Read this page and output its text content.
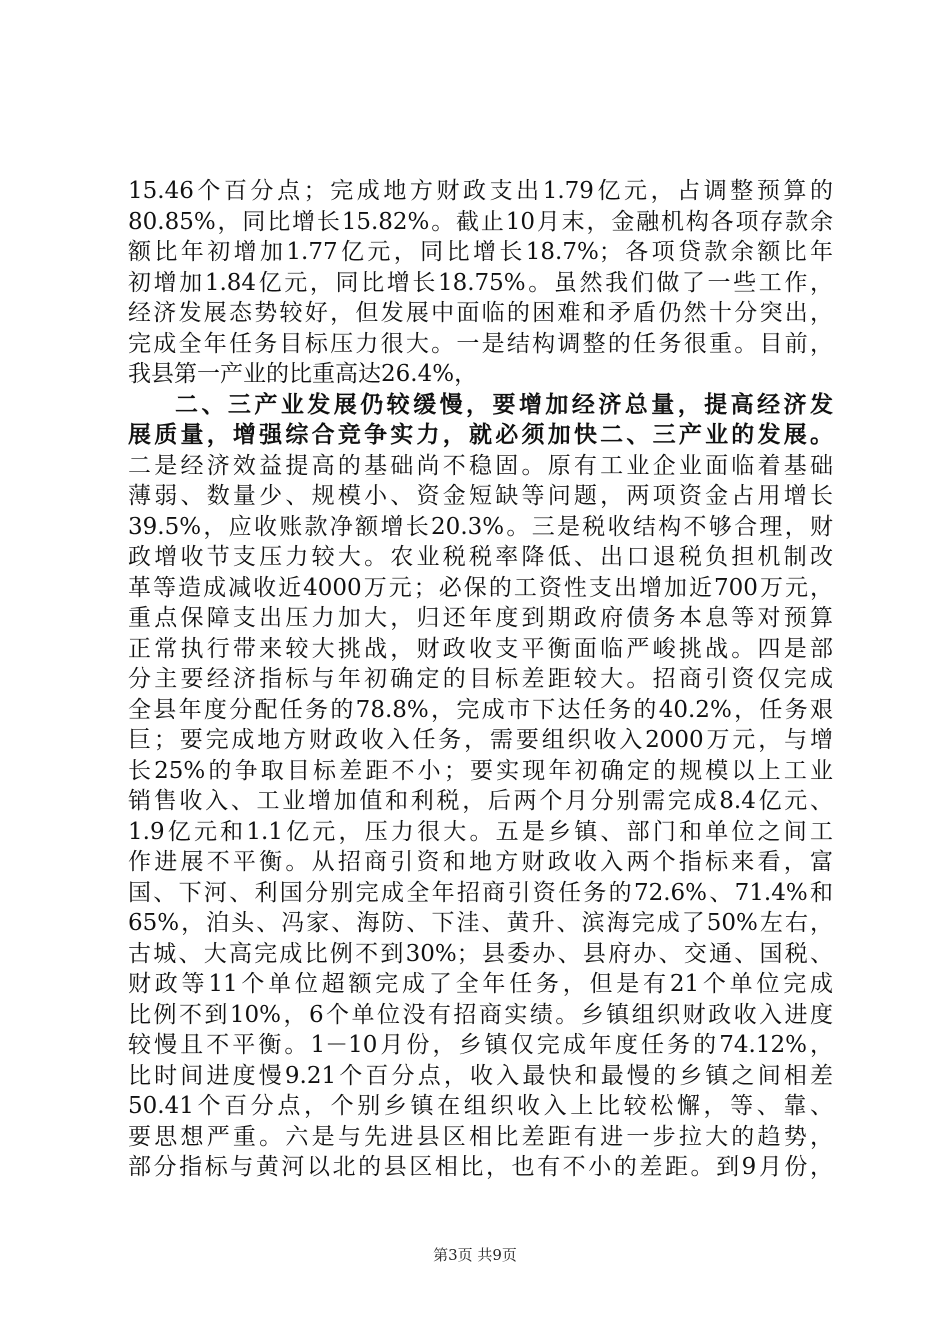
15.46个百分点；完成地方财政支出1.79亿元，占调整预算的
80.85%，同比增长15.82%。截止10月末，金融机构各项存款余
额比年初增加1.77亿元，同比增长18.7%；各项贷款余额比年
初增加1.84亿元，同比增长18.75%。虽然我们做了一些工作，
经济发展态势较好，但发展中面临的困难和矛盾仍然十分突出，
完成全年任务目标压力很大。一是结构调整的任务很重。目前，
我县第一产业的比重高达26.4%，
二、三产业发展仍较缓慢，要增加经济总量，提高经济发
展质量，增强综合竞争实力，就必须加快二、三产业的发展。
二是经济效益提高的基础尚不稳固。原有工业企业面临着基础
薄弱、数量少、规模小、资金短缺等问题，两项资金占用增长
39.5%，应收账款净额增长20.3%。三是税收结构不够合理，财
政增收节支压力较大。农业税税率降低、出口退税负担机制改
革等造成减收近4000万元；必保的工资性支出增加近700万元，
重点保障支出压力加大，归还年度到期政府债务本息等对预算
正常执行带来较大挑战，财政收支平衡面临严峻挑战。四是部
分主要经济指标与年初确定的目标差距较大。招商引资仅完成
全县年度分配任务的78.8%，完成市下达任务的40.2%，任务艰
巨；要完成地方财政收入任务，需要组织收入2000万元，与增
长25%的争取目标差距不小；要实现年初确定的规模以上工业
销售收入、工业增加值和利税，后两个月分别需完成8.4亿元、
1.9亿元和1.1亿元，压力很大。五是乡镇、部门和单位之间工
作进展不平衡。从招商引资和地方财政收入两个指标来看，富
国、下河、利国分别完成全年招商引资任务的72.6%、71.4%和
65%，泊头、冯家、海防、下洼、黄升、滨海完成了50%左右，
古城、大高完成比例不到30%；县委办、县府办、交通、国税、
财政等11个单位超额完成了全年任务，但是有21个单位完成
比例不到10%，6个单位没有招商实绩。乡镇组织财政收入进度
较慢且不平衡。1－10月份，乡镇仅完成年度任务的74.12%，
比时间进度慢9.21个百分点，收入最快和最慢的乡镇之间相差
50.41个百分点，个别乡镇在组织收入上比较松懈，等、靠、
要思想严重。六是与先进县区相比差距有进一步拉大的趋势，
部分指标与黄河以北的县区相比，也有不小的差距。到9月份，
第3页 共9页
